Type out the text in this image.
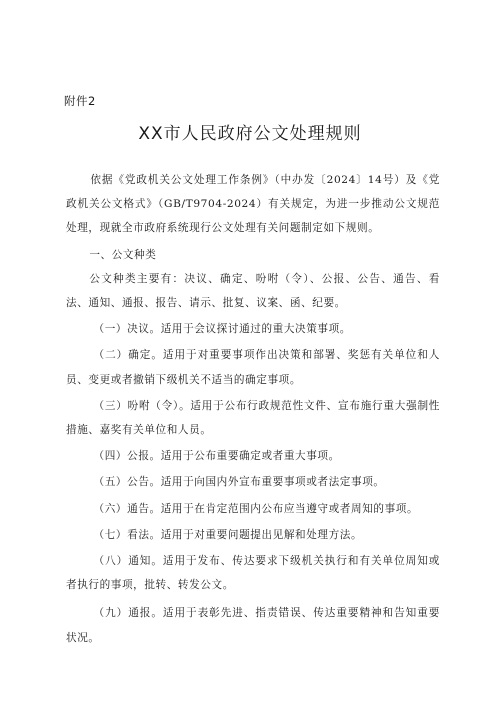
附件2
XX市人民政府公文处理规则

依据《党政机关公文处理工作条例》（中办发〔2024〕14号）及《党政机关公文格式》（GB/T9704-2024）有关规定，为进一步推动公文规范处理，现就全市政府系统现行公文处理有关问题制定如下规则。

一、公文种类

公文种类主要有：决议、确定、吩咐（令）、公报、公告、通告、看法、通知、通报、报告、请示、批复、议案、函、纪要。

（一）决议。适用于会议探讨通过的重大决策事项。

（二）确定。适用于对重要事项作出决策和部署、奖惩有关单位和人员、变更或者撤销下级机关不适当的确定事项。

（三）吩咐（令）。适用于公布行政规范性文件、宣布施行重大强制性措施、嘉奖有关单位和人员。

（四）公报。适用于公布重要确定或者重大事项。

（五）公告。适用于向国内外宣布重要事项或者法定事项。

（六）通告。适用于在肯定范围内公布应当遵守或者周知的事项。

（七）看法。适用于对重要问题提出见解和处理方法。

（八）通知。适用于发布、传达要求下级机关执行和有关单位周知或者执行的事项，批转、转发公文。

（九）通报。适用于表彰先进、指责错误、传达重要精神和告知重要状况。
